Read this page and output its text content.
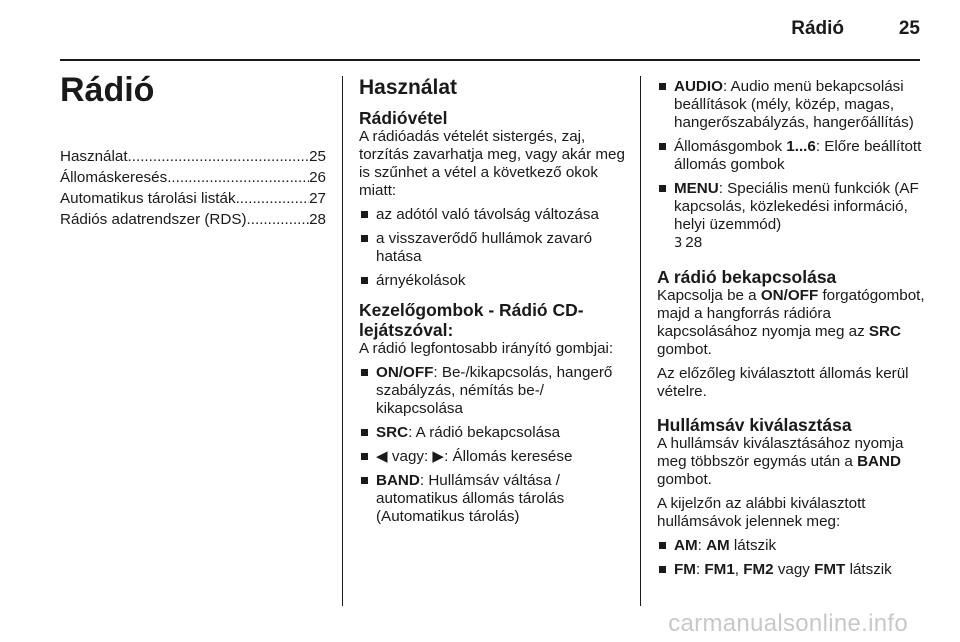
Rádió	25
Rádió
Használat .....	25
Állomáskeresés .....	26
Automatikus tárolási listák .....	27
Rádiós adatrendszer (RDS) .....	28
Használat
Rádióvétel

A rádióadás vételét sistergés, zaj, torzítás zavarhatja meg, vagy akár meg is szűnhet a vétel a következő okok miatt:

az adótól való távolság változása
a visszaverődő hullámok zavaró hatása
árnyékolások
Kezelőgombok - Rádió CD-lejátszóval:

A rádió legfontosabb irányító gombjai:

ON/OFF: Be-/kikapcsolás, hangerő szabályzás, némítás be-/ kikapcsolása
SRC: A rádió bekapcsolása
◀ vagy: ▶: Állomás keresése
BAND: Hullámsáv váltása / automatikus állomás tárolás (Automatikus tárolás)
AUDIO: Audio menü bekapcsolási beállítások (mély, közép, magas, hangerőszabályzás, hangerőállítás)
Állomásgombok 1...6: Előre beállított állomás gombok
MENU: Speciális menü funkciók (AF kapcsolás, közlekedési információ, helyi üzemmód)
3 28
A rádió bekapcsolása

Kapcsolja be a ON/OFF forgatógombot, majd a hangforrás rádióra kapcsolásához nyomja meg az SRC gombot.

Az előzőleg kiválasztott állomás kerül vételre.

Hullámsáv kiválasztása

A hullámsáv kiválasztásához nyomja meg többször egymás után a BAND gombot.

A kijelzőn az alábbi kiválasztott hullámsávok jelennek meg:

AM: AM látszik
FM: FM1, FM2 vagy FMT látszik
carmanualsonline.info
